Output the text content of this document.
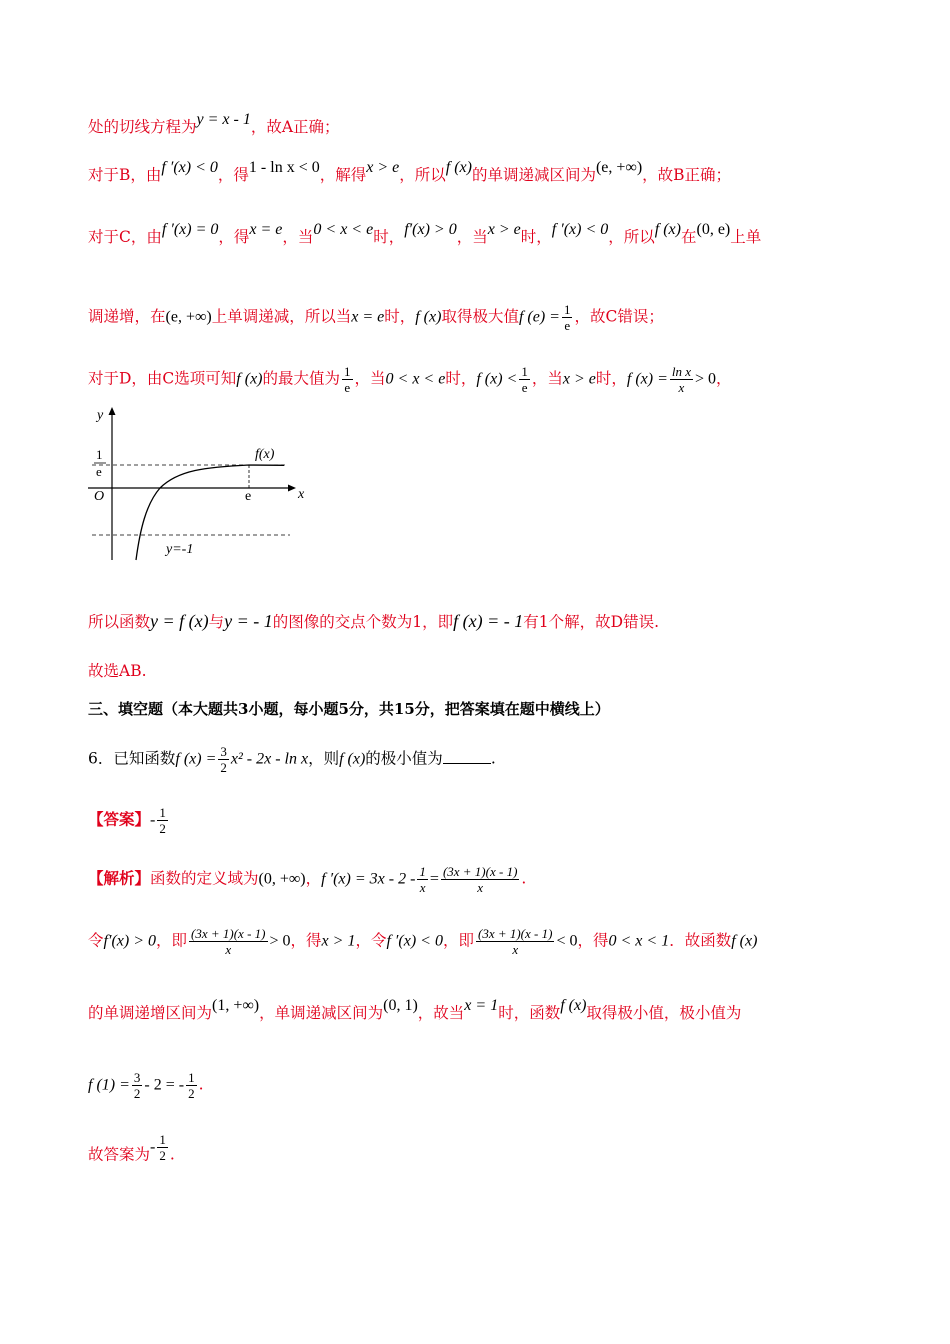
处的切线方程为y = x - 1，故A正确；
对于B，由f ′(x) < 0，得1 - ln x < 0，解得x > e，所以f (x)的单调递减区间为(e, +∞)，故B正确；
对于C，由f ′(x) = 0，得x = e，当0 < x < e时，f′(x) > 0，当x > e时，f ′(x) < 0，所以f (x)在(0, e)上单
调递增，在(e, +∞)上单调递减，所以当x = e时，f (x)取得极大值f $(e) = \frac{1}{e}$ ，故C错误；
对于D，由C选项可知f (x)的最大值为 $\frac{1}{e}$ ，当0 < x < e时，f $(x) < \frac{1}{e}$ ，当x > e时，f $(x) = \frac{\text{ln x}}{x} > 0$，
y
x
O
1
e
e
f(x)
y=-1
所以函数y = f (x)与y = - 1的图像的交点个数为1，即f (x) = - 1有1个解，故D错误.
故选AB.
三、填空题（本大题共3小题，每小题5分，共15分，把答案填在题中横线上）
6．已知函数f $(x) = \frac{3}{2} x^2 - 2x - \ln x$，则f (x)的极小值为	.
【答案】- $\frac{1}{2}$
【解析】函数的定义域为(0, +∞)，f $'(x) = 3x - 2 - \frac{1}{x} = \frac{(3x + 1)(x - 1)}{x}$ .
令f′(x) > 0，即 $\frac{(3x + 1)(x - 1)}{x} > 0$，得x > 1，令f ′(x) < 0，即 $\frac{(3x + 1)(x - 1)}{x} < 0$，得0 < x < 1．故函数f (x)
的单调递增区间为(1, +∞)，单调递减区间为(0, 1)，故当x = 1时，函数f (x)取得极小值，极小值为
f $(1) = \frac{3}{2} - 2$ = - $\frac{1}{2}$ .
故答案为- $\frac{1}{2}$ .
